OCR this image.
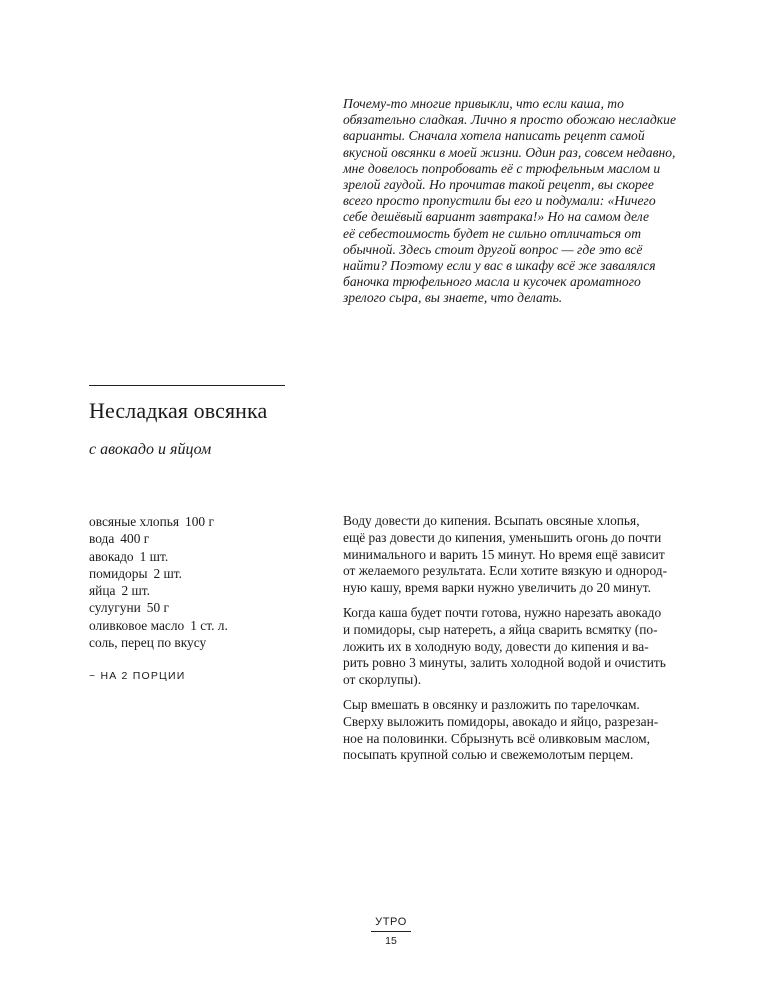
Почему-то многие привыкли, что если каша, то
обязательно сладкая. Лично я просто обожаю несладкие
варианты. Сначала хотела написать рецепт самой
вкусной овсянки в моей жизни. Один раз, совсем недавно,
мне довелось попробовать её с трюфельным маслом и
зрелой гаудой. Но прочитав такой рецепт, вы скорее
всего просто пропустили бы его и подумали: «Ничего
себе дешёвый вариант завтрака!» Но на самом деле
её себестоимость будет не сильно отличаться от
обычной. Здесь стоит другой вопрос — где это всё
найти? Поэтому если у вас в шкафу всё же завалялся
баночка трюфельного масла и кусочек ароматного
зрелого сыра, вы знаете, что делать.
Несладкая овсянка
с авокадо и яйцом
овсяные хлопья 100 г
вода 400 г
авокадо 1 шт.
помидоры 2 шт.
яйца 2 шт.
сулугуни 50 г
оливковое масло 1 ст. л.
соль, перец по вкусу
~ НА 2 ПОРЦИИ

Воду довести до кипения. Всыпать овсяные хлопья,
ещё раз довести до кипения, уменьшить огонь до почти
минимального и варить 15 минут. Но время ещё зависит
от желаемого результата. Если хотите вязкую и однород-
ную кашу, время варки нужно увеличить до 20 минут.

Когда каша будет почти готова, нужно нарезать авокадо
и помидоры, сыр натереть, а яйца сварить всмятку (по-
ложить их в холодную воду, довести до кипения и ва-
рить ровно 3 минуты, залить холодной водой и очистить
от скорлупы).

Сыр вмешать в овсянку и разложить по тарелочкам.
Сверху выложить помидоры, авокадо и яйцо, разрезан-
ное на половинки. Сбрызнуть всё оливковым маслом,
посыпать крупной солью и свежемолотым перцем.

УТРО
15
